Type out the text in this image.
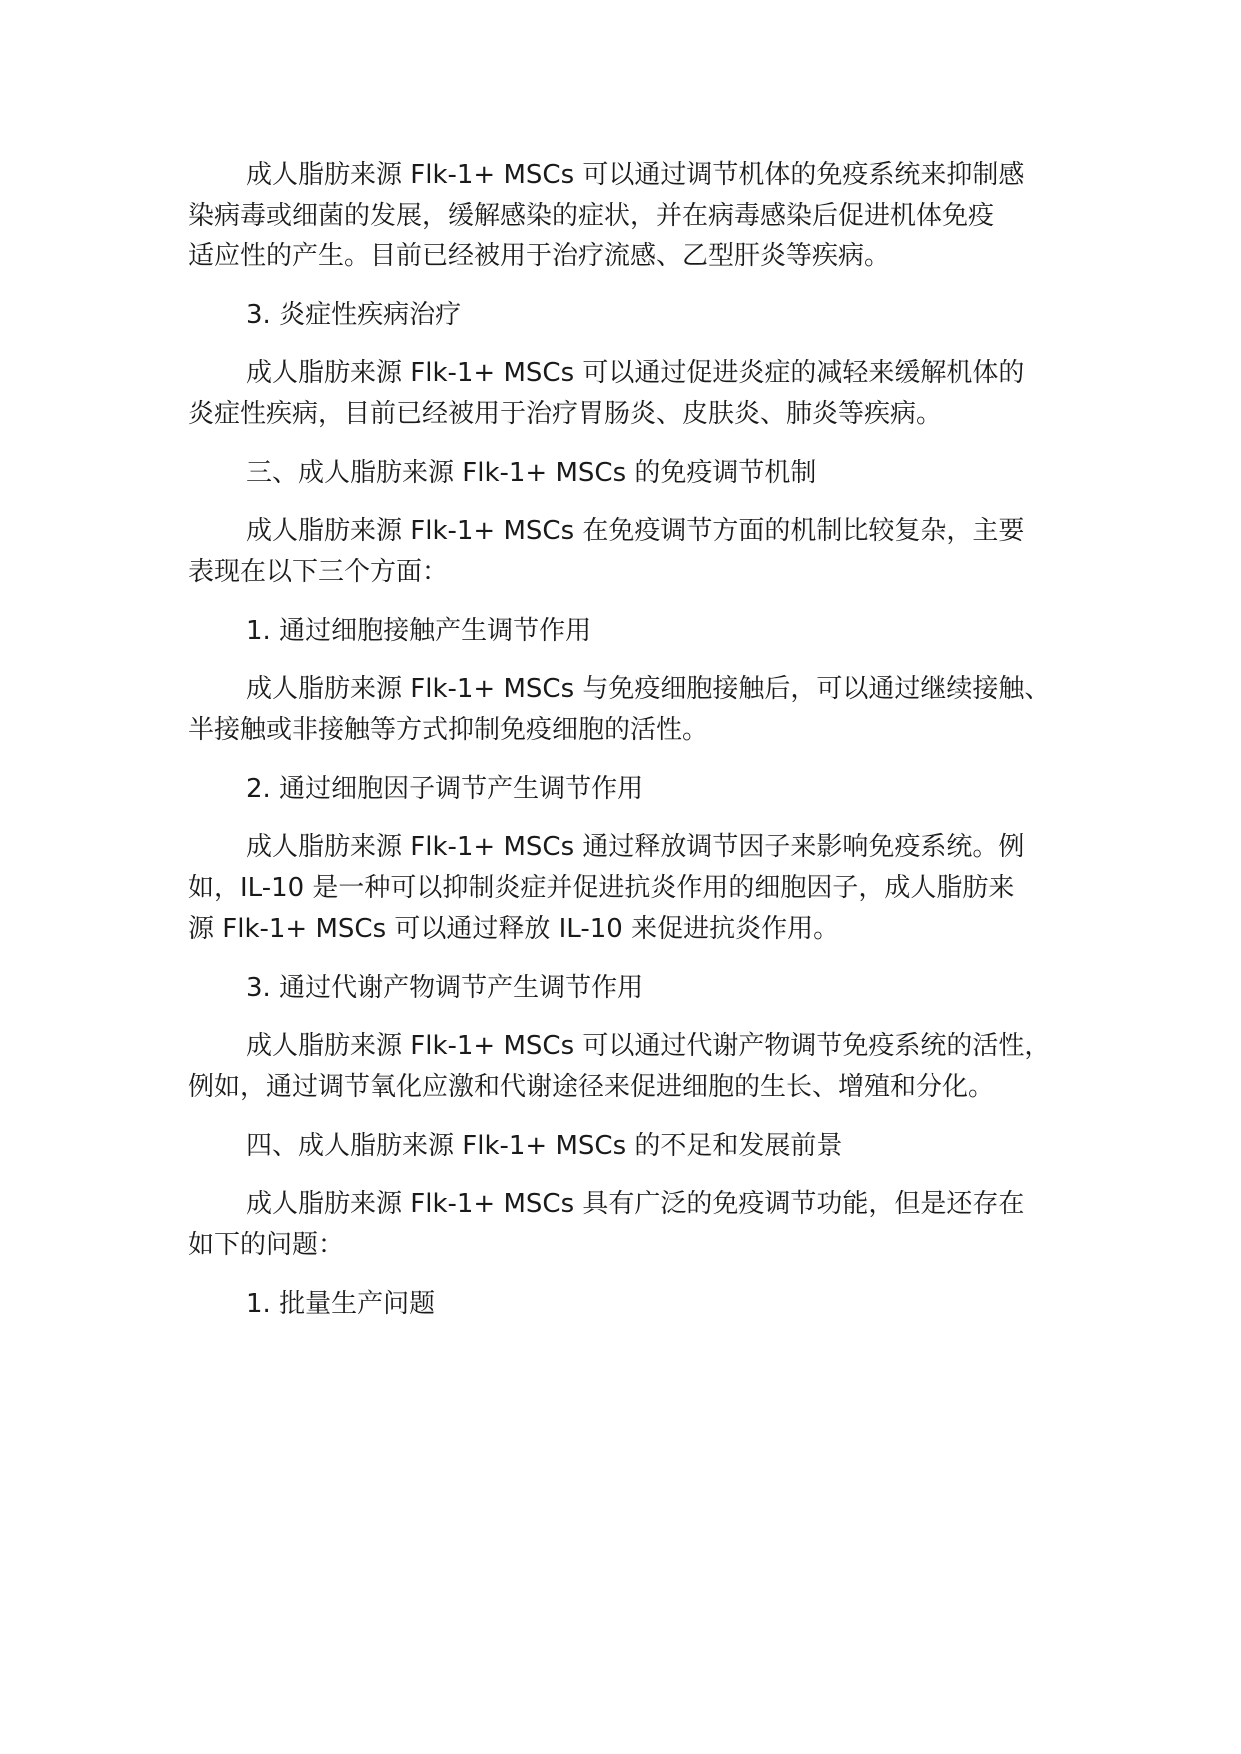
成人脂肪来源 Flk-1+ MSCs 可以通过调节机体的免疫系统来抑制感

染病毒或细菌的发展，缓解感染的症状，并在病毒感染后促进机体免疫

适应性的产生。目前已经被用于治疗流感、乙型肝炎等疾病。

3. 炎症性疾病治疗

成人脂肪来源 Flk-1+ MSCs 可以通过促进炎症的减轻来缓解机体的

炎症性疾病，目前已经被用于治疗胃肠炎、皮肤炎、肺炎等疾病。

三、成人脂肪来源 Flk-1+ MSCs 的免疫调节机制

成人脂肪来源 Flk-1+ MSCs 在免疫调节方面的机制比较复杂，主要

表现在以下三个方面：

1. 通过细胞接触产生调节作用

成人脂肪来源 Flk-1+ MSCs 与免疫细胞接触后，可以通过继续接触、

半接触或非接触等方式抑制免疫细胞的活性。

2. 通过细胞因子调节产生调节作用

成人脂肪来源 Flk-1+ MSCs 通过释放调节因子来影响免疫系统。例

如，IL-10 是一种可以抑制炎症并促进抗炎作用的细胞因子，成人脂肪来

源 Flk-1+ MSCs 可以通过释放 IL-10 来促进抗炎作用。

3. 通过代谢产物调节产生调节作用

成人脂肪来源 Flk-1+ MSCs 可以通过代谢产物调节免疫系统的活性，

例如，通过调节氧化应激和代谢途径来促进细胞的生长、增殖和分化。

四、成人脂肪来源 Flk-1+ MSCs 的不足和发展前景

成人脂肪来源 Flk-1+ MSCs 具有广泛的免疫调节功能，但是还存在

如下的问题：

1. 批量生产问题
